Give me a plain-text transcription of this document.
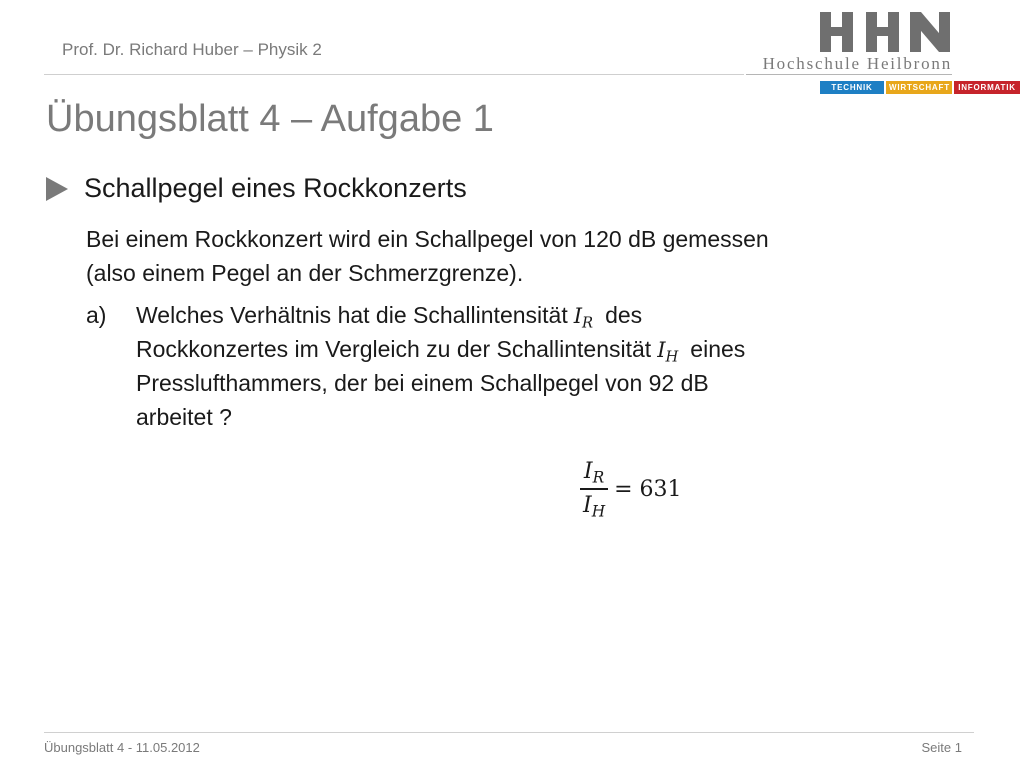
Prof. Dr. Richard Huber – Physik 2
Hochschule Heilbronn
TECHNIK	WIRTSCHAFT	INFORMATIK
Übungsblatt 4 – Aufgabe 1
Schallpegel eines Rockkonzerts
Bei einem Rockkonzert wird ein Schallpegel von 120 dB gemessen
(also einem Pegel an der Schmerzgrenze).
a) Welches Verhältnis hat die Schallintensität $I_R$ des
Rockkonzertes im Vergleich zu der Schallintensität $I_H$ eines
Presslufthammers, der bei einem Schallpegel von 92 dB
arbeitet ?
$\frac{I_R}{I_H} = 631$
Übungsblatt 4 - 11.05.2012	Seite 1
